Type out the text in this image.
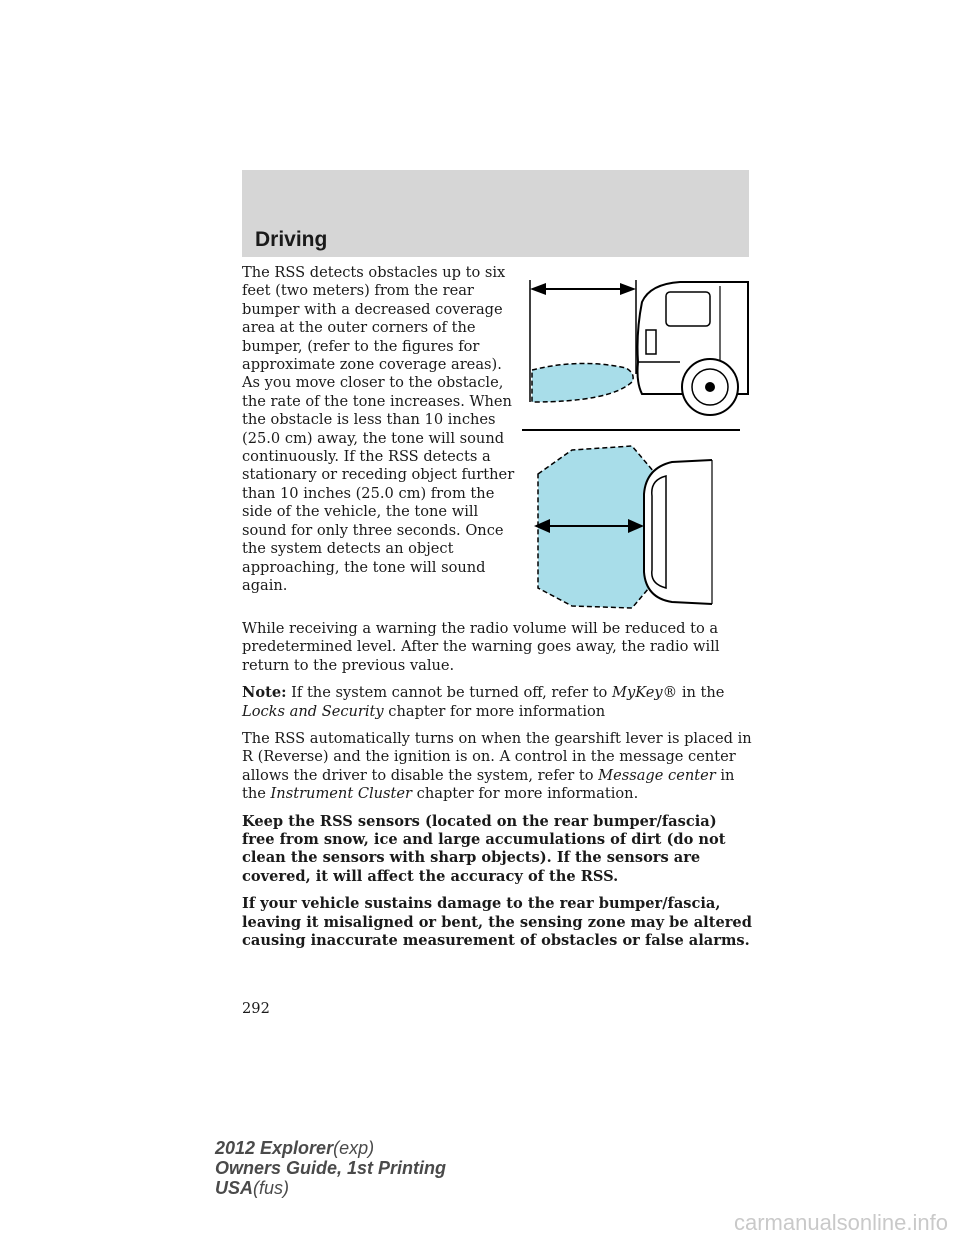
Driving

The RSS detects obstacles up to six feet (two meters) from the rear bumper with a decreased coverage area at the outer corners of the bumper, (refer to the figures for approximate zone coverage areas). As you move closer to the obstacle, the rate of the tone increases. When the obstacle is less than 10 inches (25.0 cm) away, the tone will sound continuously. If the RSS detects a stationary or receding object further than 10 inches (25.0 cm) from the side of the vehicle, the tone will sound for only three seconds. Once the system detects an object approaching, the tone will sound again.

While receiving a warning the radio volume will be reduced to a predetermined level. After the warning goes away, the radio will return to the previous value.

Note: If the system cannot be turned off, refer to MyKey® in the Locks and Security chapter for more information

The RSS automatically turns on when the gearshift lever is placed in R (Reverse) and the ignition is on. A control in the message center allows the driver to disable the system, refer to Message center in the Instrument Cluster chapter for more information.

Keep the RSS sensors (located on the rear bumper/fascia) free from snow, ice and large accumulations of dirt (do not clean the sensors with sharp objects). If the sensors are covered, it will affect the accuracy of the RSS.

If your vehicle sustains damage to the rear bumper/fascia, leaving it misaligned or bent, the sensing zone may be altered causing inaccurate measurement of obstacles or false alarms.

292
2012 Explorer(exp)
Owners Guide, 1st Printing
USA(fus)
carmanualsonline.info
